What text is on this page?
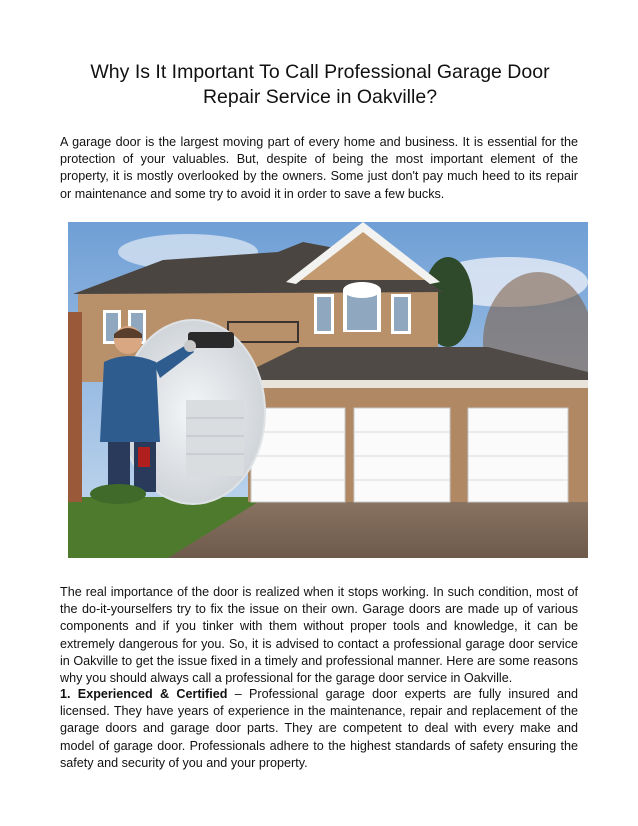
Why Is It Important To Call Professional Garage Door Repair Service in Oakville?

A garage door is the largest moving part of every home and business. It is essential for the protection of your valuables. But, despite of being the most important element of the property, it is mostly overlooked by the owners. Some just don't pay much heed to its repair or maintenance and some try to avoid it in order to save a few bucks.

The real importance of the door is realized when it stops working. In such condition, most of the do-it-yourselfers try to fix the issue on their own. Garage doors are made up of various components and if you tinker with them without proper tools and knowledge, it can be extremely dangerous for you. So, it is advised to contact a professional garage door service in Oakville to get the issue fixed in a timely and professional manner. Here are some reasons why you should always call a professional for the garage door service in Oakville.

1. Experienced & Certified – Professional garage door experts are fully insured and licensed. They have years of experience in the maintenance, repair and replacement of the garage doors and garage door parts. They are competent to deal with every make and model of garage door. Professionals adhere to the highest standards of safety ensuring the safety and security of you and your property.
